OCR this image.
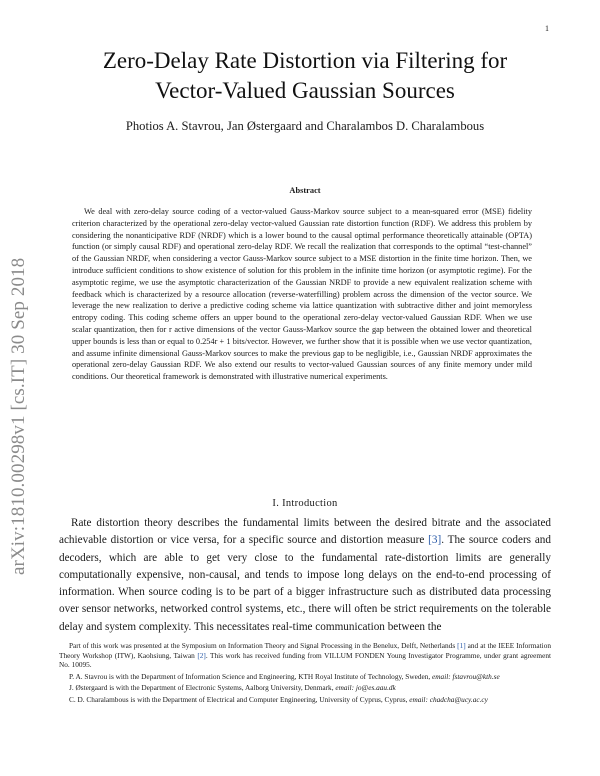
1
arXiv:1810.00298v1 [cs.IT] 30 Sep 2018
Zero-Delay Rate Distortion via Filtering for
Vector-Valued Gaussian Sources
Photios A. Stavrou, Jan Østergaard and Charalambos D. Charalambous
Abstract

We deal with zero-delay source coding of a vector-valued Gauss-Markov source subject to a mean-squared error (MSE) fidelity criterion characterized by the operational zero-delay vector-valued Gaussian rate distortion function (RDF). We address this problem by considering the nonanticipative RDF (NRDF) which is a lower bound to the causal optimal performance theoretically attainable (OPTA) function (or simply causal RDF) and operational zero-delay RDF. We recall the realization that corresponds to the optimal “test-channel” of the Gaussian NRDF, when considering a vector Gauss-Markov source subject to a MSE distortion in the finite time horizon. Then, we introduce sufficient conditions to show existence of solution for this problem in the infinite time horizon (or asymptotic regime). For the asymptotic regime, we use the asymptotic characterization of the Gaussian NRDF to provide a new equivalent realization scheme with feedback which is characterized by a resource allocation (reverse-waterfilling) problem across the dimension of the vector source. We leverage the new realization to derive a predictive coding scheme via lattice quantization with subtractive dither and joint memoryless entropy coding. This coding scheme offers an upper bound to the operational zero-delay vector-valued Gaussian RDF. When we use scalar quantization, then for r active dimensions of the vector Gauss-Markov source the gap between the obtained lower and theoretical upper bounds is less than or equal to 0.254r + 1 bits/vector. However, we further show that it is possible when we use vector quantization, and assume infinite dimensional Gauss-Markov sources to make the previous gap to be negligible, i.e., Gaussian NRDF approximates the operational zero-delay Gaussian RDF. We also extend our results to vector-valued Gaussian sources of any finite memory under mild conditions. Our theoretical framework is demonstrated with illustrative numerical experiments.

I. Introduction

Rate distortion theory describes the fundamental limits between the desired bitrate and the associated achievable distortion or vice versa, for a specific source and distortion measure [3]. The source coders and decoders, which are able to get very close to the fundamental rate-distortion limits are generally computationally expensive, non-causal, and tends to impose long delays on the end-to-end processing of information. When source coding is to be part of a bigger infrastructure such as distributed data processing over sensor networks, networked control systems, etc., there will often be strict requirements on the tolerable delay and system complexity. This necessitates real-time communication between the

Part of this work was presented at the Symposium on Information Theory and Signal Processing in the Benelux, Delft, Netherlands [1] and at the IEEE Information Theory Workshop (ITW), Kaohsiung, Taiwan [2]. This work has received funding from VILLUM FONDEN Young Investigator Programme, under grant agreement No. 10095.

P. A. Stavrou is with the Department of Information Science and Engineering, KTH Royal Institute of Technology, Sweden, email: fstavrou@kth.se

J. Østergaard is with the Department of Electronic Systems, Aalborg University, Denmark, email: jo@es.aau.dk

C. D. Charalambous is with the Department of Electrical and Computer Engineering, University of Cyprus, Cyprus, email: chadcha@ucy.ac.cy
